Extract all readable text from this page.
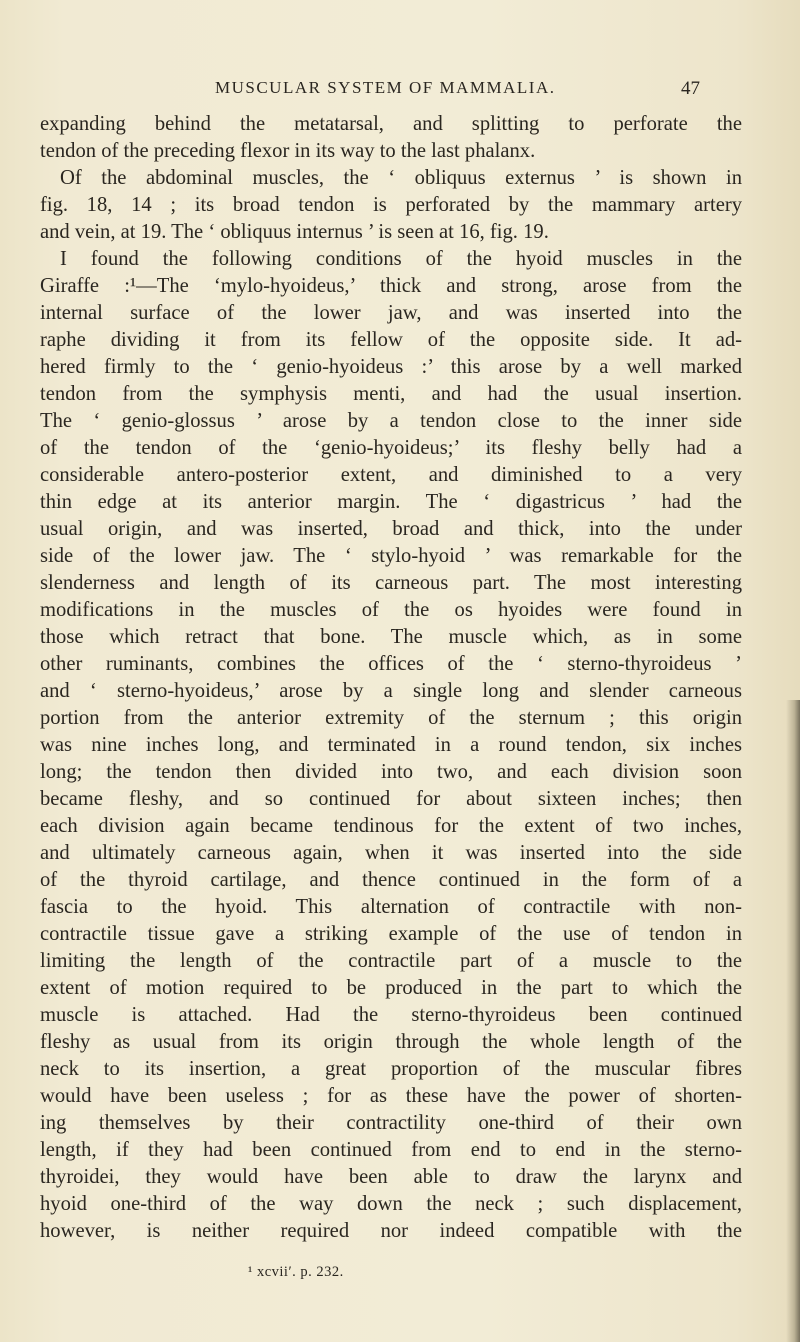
MUSCULAR SYSTEM OF MAMMALIA.	47
expanding behind the metatarsal, and splitting to perforate the
tendon of the preceding flexor in its way to the last phalanx.
Of the abdominal muscles, the ‘ obliquus externus ’ is shown in
fig. 18, 14 ; its broad tendon is perforated by the mammary artery
and vein, at 19. The ‘ obliquus internus ’ is seen at 16, fig. 19.
I found the following conditions of the hyoid muscles in the
Giraffe :¹—The ‘mylo-hyoideus,’ thick and strong, arose from the
internal surface of the lower jaw, and was inserted into the
raphe dividing it from its fellow of the opposite side. It ad-
hered firmly to the ‘ genio-hyoideus :’ this arose by a well marked
tendon from the symphysis menti, and had the usual insertion.
The ‘ genio-glossus ’ arose by a tendon close to the inner side
of the tendon of the ‘genio-hyoideus;’ its fleshy belly had a
considerable antero-posterior extent, and diminished to a very
thin edge at its anterior margin. The ‘ digastricus ’ had the
usual origin, and was inserted, broad and thick, into the under
side of the lower jaw. The ‘ stylo-hyoid ’ was remarkable for the
slenderness and length of its carneous part. The most interesting
modifications in the muscles of the os hyoides were found in
those which retract that bone. The muscle which, as in some
other ruminants, combines the offices of the ‘ sterno-thyroideus ’
and ‘ sterno-hyoideus,’ arose by a single long and slender carneous
portion from the anterior extremity of the sternum ; this origin
was nine inches long, and terminated in a round tendon, six inches
long; the tendon then divided into two, and each division soon
became fleshy, and so continued for about sixteen inches; then
each division again became tendinous for the extent of two inches,
and ultimately carneous again, when it was inserted into the side
of the thyroid cartilage, and thence continued in the form of a
fascia to the hyoid. This alternation of contractile with non-
contractile tissue gave a striking example of the use of tendon in
limiting the length of the contractile part of a muscle to the
extent of motion required to be produced in the part to which the
muscle is attached. Had the sterno-thyroideus been continued
fleshy as usual from its origin through the whole length of the
neck to its insertion, a great proportion of the muscular fibres
would have been useless ; for as these have the power of shorten-
ing themselves by their contractility one-third of their own
length, if they had been continued from end to end in the sterno-
thyroidei, they would have been able to draw the larynx and
hyoid one-third of the way down the neck ; such displacement,
however, is neither required nor indeed compatible with the
¹ xcvii′. p. 232.
